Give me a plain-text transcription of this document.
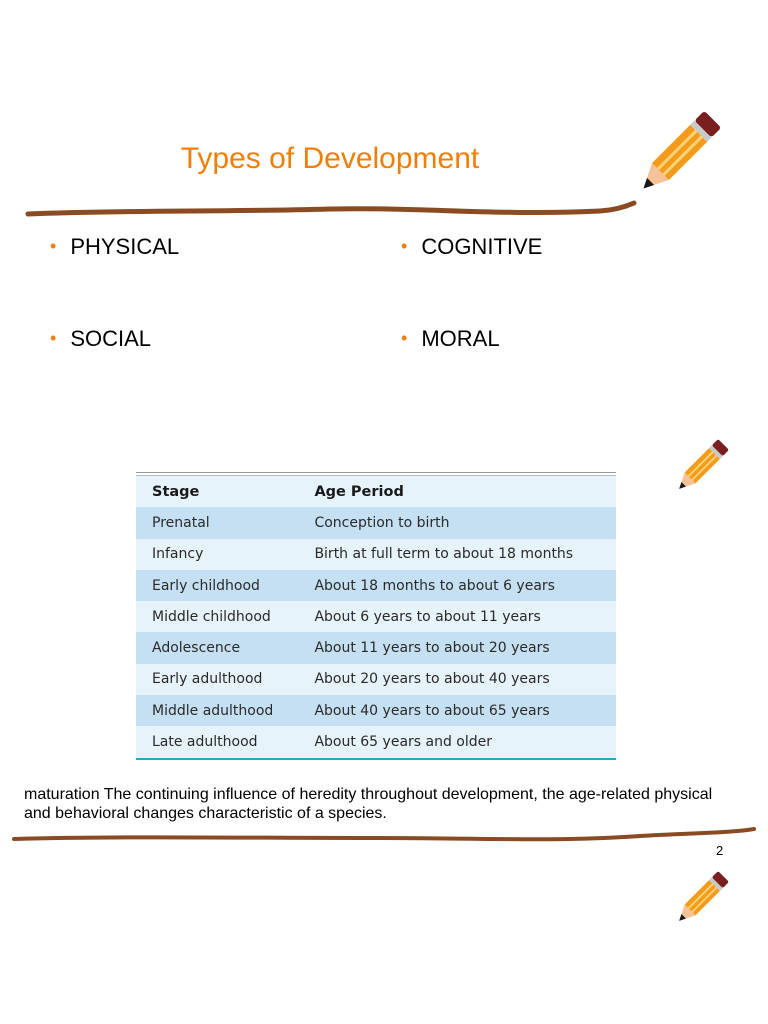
Types of Development
• PHYSICAL	• COGNITIVE
• SOCIAL	• MORAL
Stage	Age Period
Prenatal	Conception to birth
Infancy	Birth at full term to about 18 months
Early childhood	About 18 months to about 6 years
Middle childhood	About 6 years to about 11 years
Adolescence	About 11 years to about 20 years
Early adulthood	About 20 years to about 40 years
Middle adulthood	About 40 years to about 65 years
Late adulthood	About 65 years and older
maturation The continuing influence of heredity throughout development, the age-related physical and behavioral changes characteristic of a species.
2
